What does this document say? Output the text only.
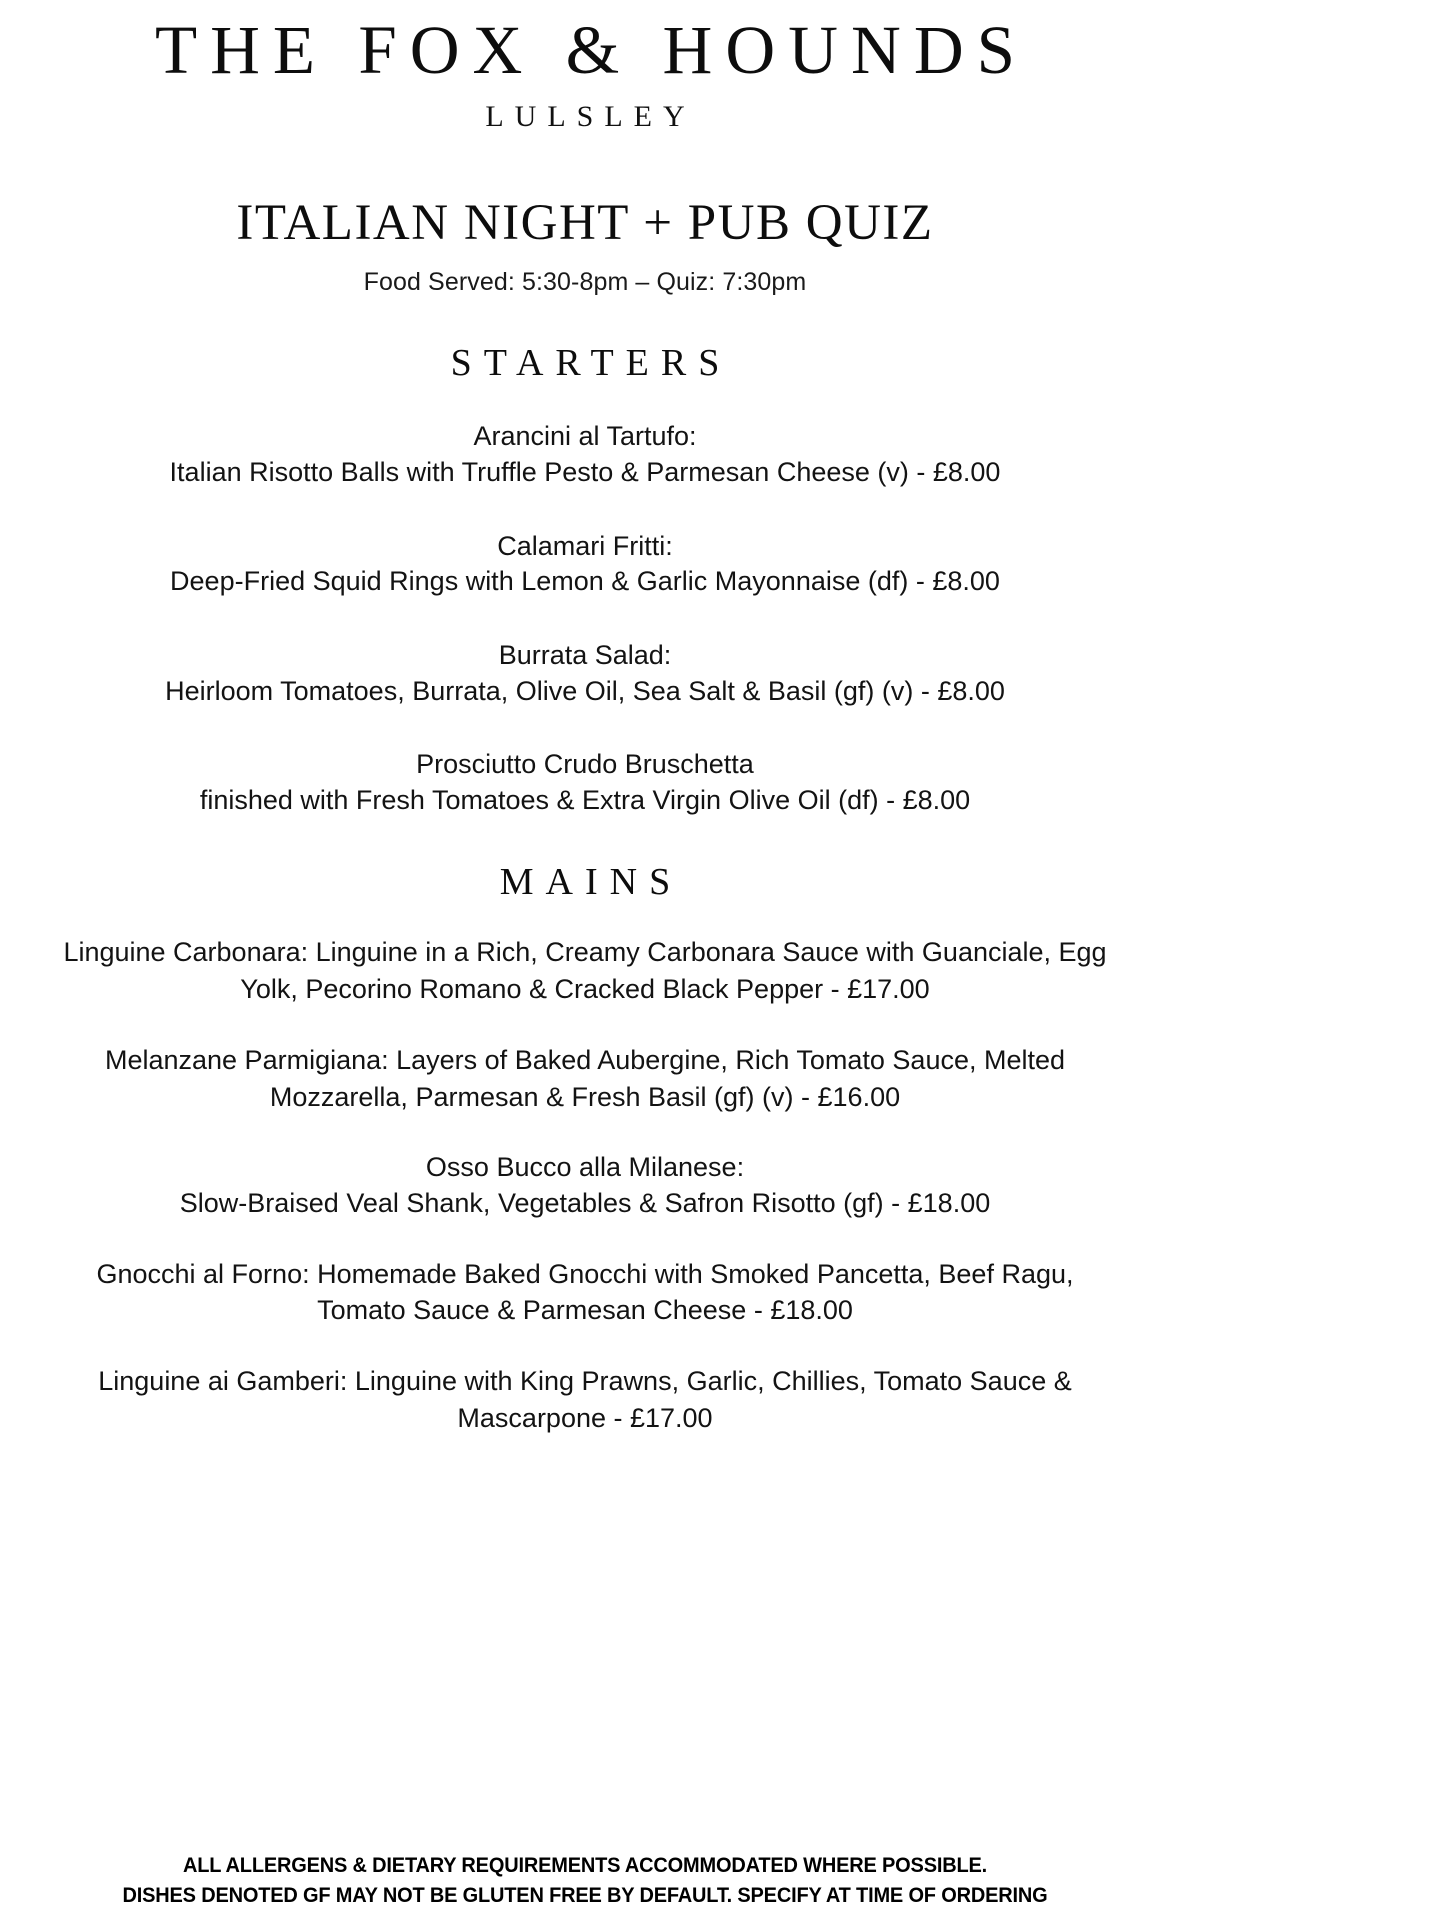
THE FOX & HOUNDS
LULSLEY
ITALIAN NIGHT + PUB QUIZ
Food Served: 5:30-8pm – Quiz: 7:30pm
STARTERS
Arancini al Tartufo:
Italian Risotto Balls with Truffle Pesto & Parmesan Cheese (v) - £8.00
Calamari Fritti:
Deep-Fried Squid Rings with Lemon & Garlic Mayonnaise (df) - £8.00
Burrata Salad:
Heirloom Tomatoes, Burrata, Olive Oil, Sea Salt & Basil (gf) (v) - £8.00
Prosciutto Crudo Bruschetta
finished with Fresh Tomatoes & Extra Virgin Olive Oil (df) - £8.00
MAINS
Linguine Carbonara: Linguine in a Rich, Creamy Carbonara Sauce with Guanciale, Egg Yolk, Pecorino Romano & Cracked Black Pepper - £17.00
Melanzane Parmigiana: Layers of Baked Aubergine, Rich Tomato Sauce, Melted Mozzarella, Parmesan & Fresh Basil (gf) (v) - £16.00
Osso Bucco alla Milanese:
Slow-Braised Veal Shank, Vegetables & Safron Risotto (gf) - £18.00
Gnocchi al Forno: Homemade Baked Gnocchi with Smoked Pancetta, Beef Ragu, Tomato Sauce & Parmesan Cheese - £18.00
Linguine ai Gamberi: Linguine with King Prawns, Garlic, Chillies, Tomato Sauce & Mascarpone - £17.00
ALL ALLERGENS & DIETARY REQUIREMENTS ACCOMMODATED WHERE POSSIBLE.
DISHES DENOTED GF MAY NOT BE GLUTEN FREE BY DEFAULT. SPECIFY AT TIME OF ORDERING
